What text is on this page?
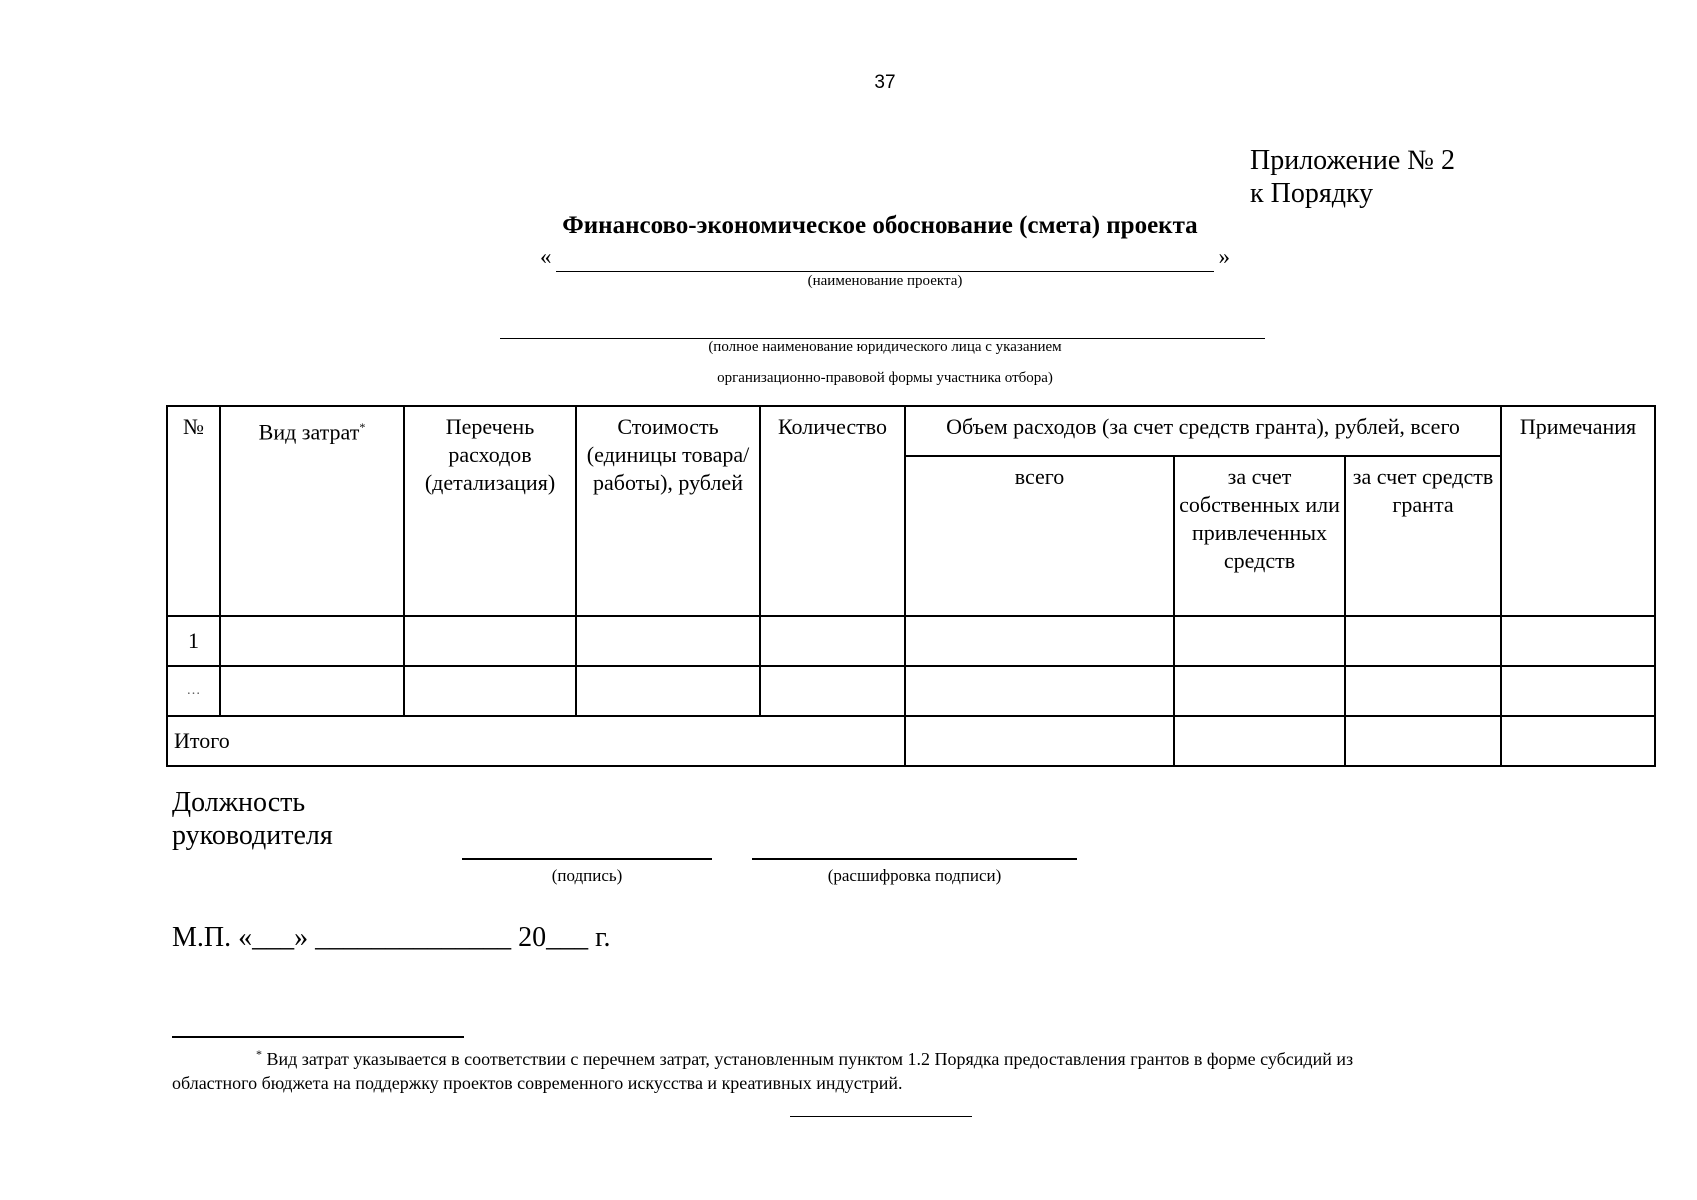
37
Приложение № 2
к Порядку
Финансово-экономическое обоснование (смета) проекта
«	»
(наименование проекта)
(полное наименование юридического лица с указанием
организационно-правовой формы участника отбора)
№	Вид затрат*	Перечень расходов (детализация)	Стоимость (единицы товара/работы), рублей	Количество	Объем расходов (за счет средств гранта), рублей, всего			Примечания
					всего	за счет собственных или привлеченных средств	за счет средств гранта	
1								
…								
Итого								
Должность
руководителя
(подпись)	(расшифровка подписи)
М.П. «___» ______________ 20___ г.
* Вид затрат указывается в соответствии с перечнем затрат, установленным пунктом 1.2 Порядка предоставления грантов в форме субсидий из
областного бюджета на поддержку проектов современного искусства и креативных индустрий.
